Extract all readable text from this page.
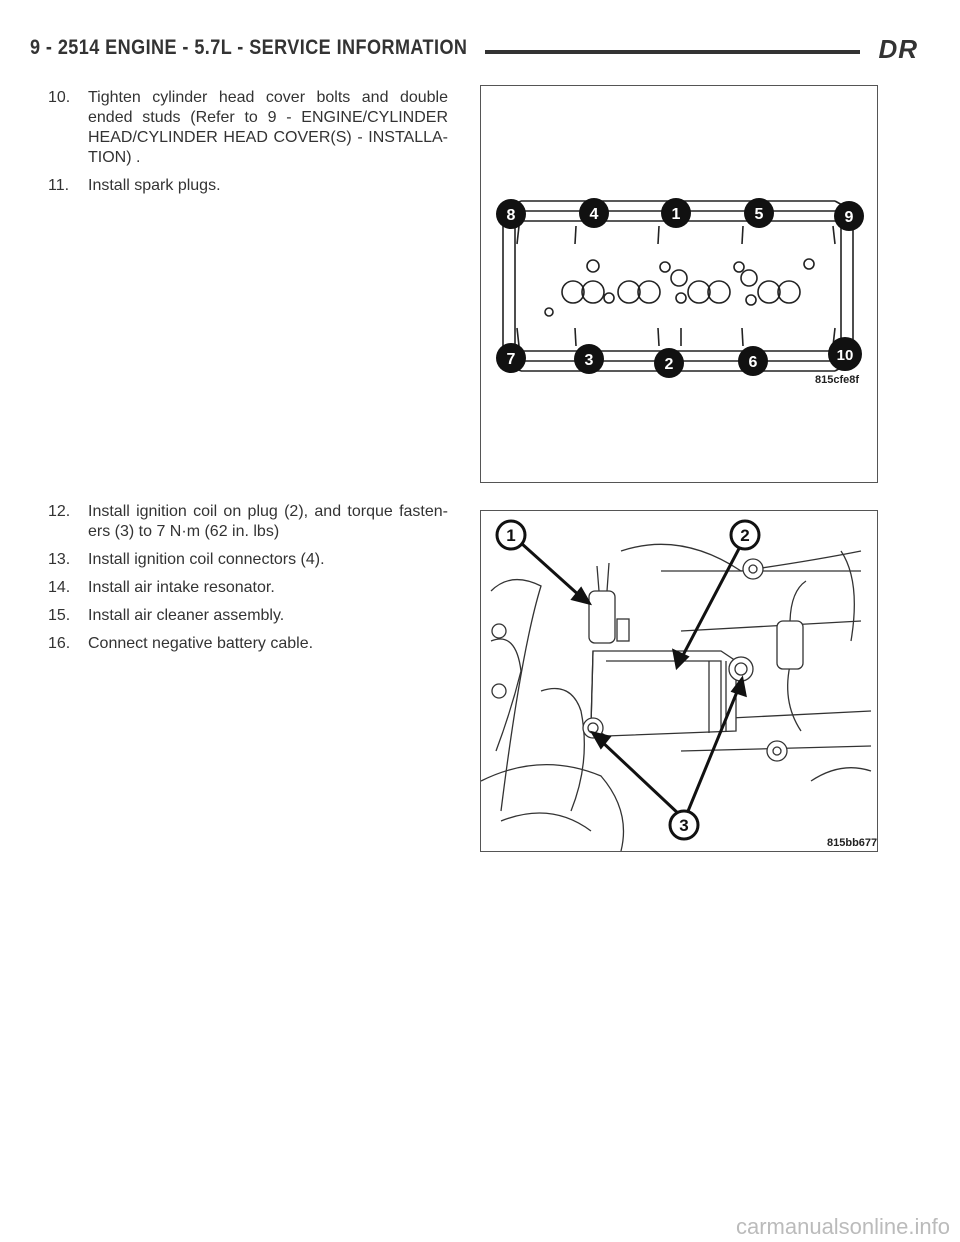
9 - 2514 ENGINE - 5.7L - SERVICE INFORMATION	DR
10. Tighten cylinder head cover bolts and double ended studs (Refer to 9 - ENGINE/CYLINDER HEAD/CYLINDER HEAD COVER(S) - INSTALLA-TION) .
11. Install spark plugs.
12. Install ignition coil on plug (2), and torque fasten-ers (3) to 7 N·m (62 in. lbs)
13. Install ignition coil connectors (4).
14. Install air intake resonator.
15. Install air cleaner assembly.
16. Connect negative battery cable.
8	4	1	5	9
7	3	2	6	10
815cfe8f
1	2
3
815bb677
carmanualsonline.info
